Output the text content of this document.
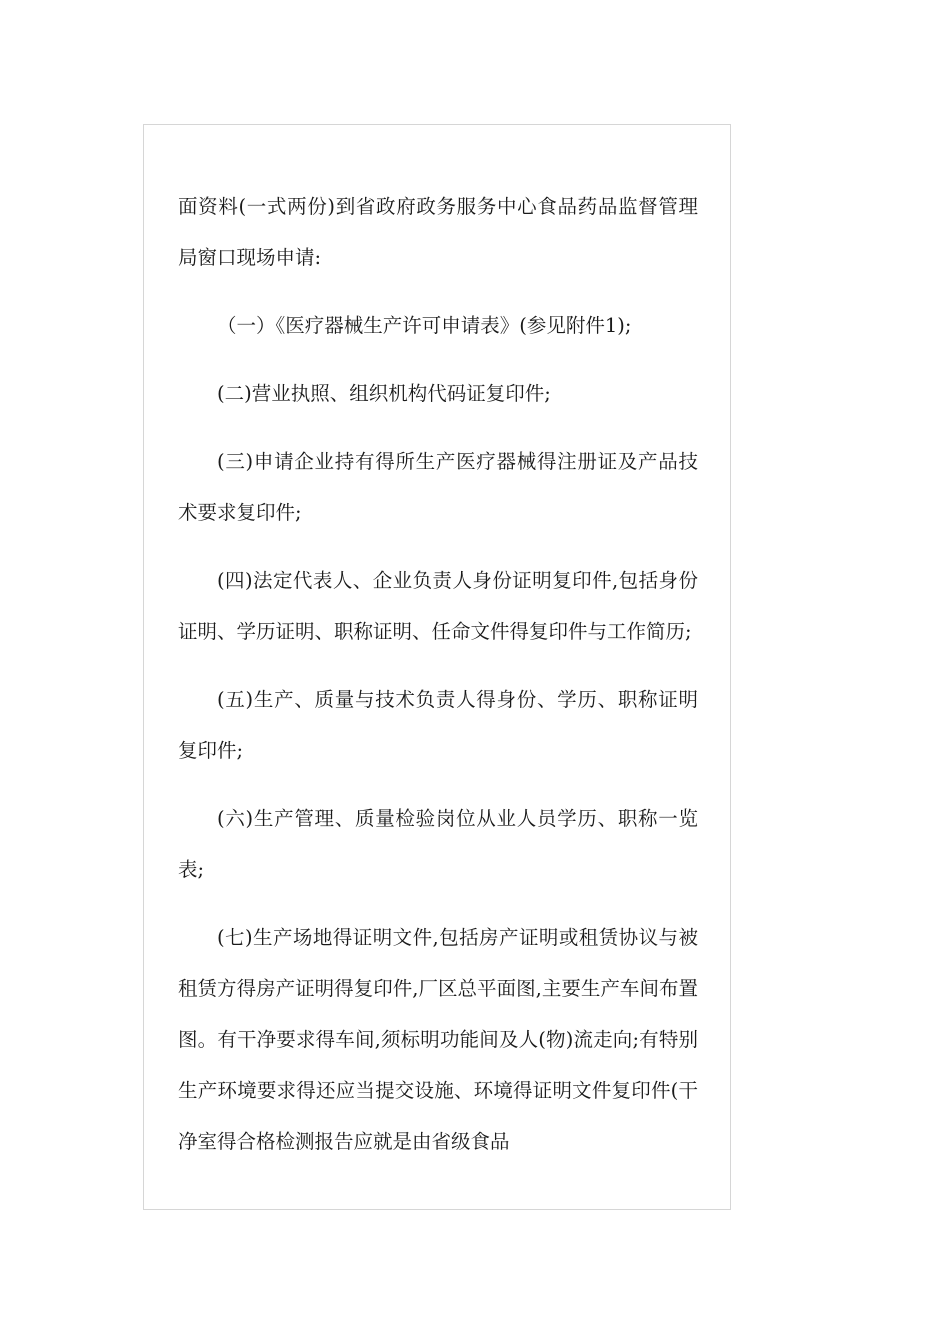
面资料(一式两份)到省政府政务服务中心食品药品监督管理局窗口现场申请:

（一）《医疗器械生产许可申请表》(参见附件1);

(二)营业执照、组织机构代码证复印件;

(三)申请企业持有得所生产医疗器械得注册证及产品技术要求复印件;

(四)法定代表人、企业负责人身份证明复印件,包括身份证明、学历证明、职称证明、任命文件得复印件与工作简历;

(五)生产、质量与技术负责人得身份、学历、职称证明复印件;

(六)生产管理、质量检验岗位从业人员学历、职称一览表;

(七)生产场地得证明文件,包括房产证明或租赁协议与被租赁方得房产证明得复印件,厂区总平面图,主要生产车间布置图。有干净要求得车间,须标明功能间及人(物)流走向;有特别生产环境要求得还应当提交设施、环境得证明文件复印件(干净室得合格检测报告应就是由省级食品
